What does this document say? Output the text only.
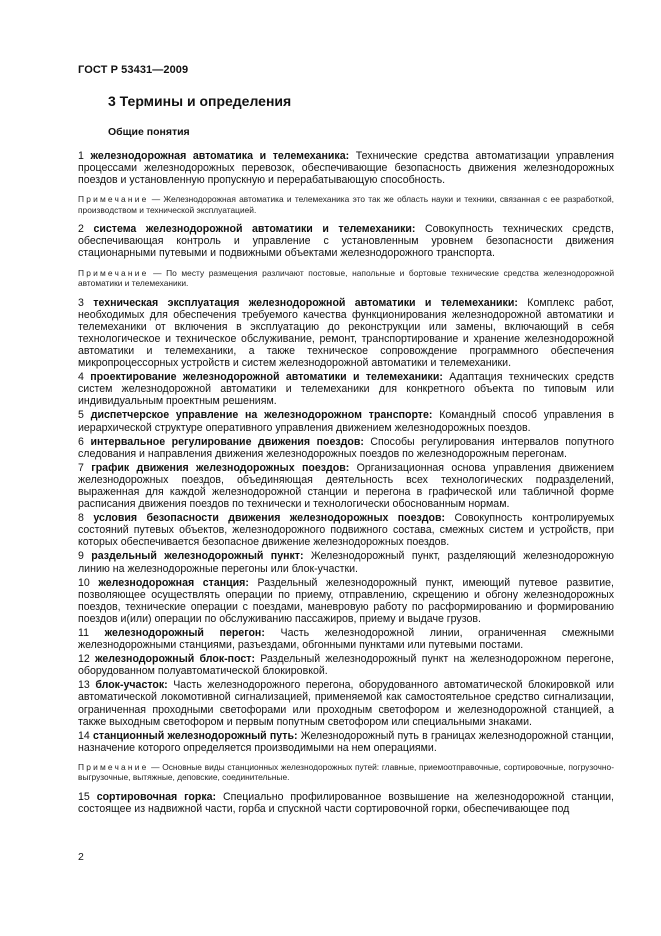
ГОСТ Р 53431—2009
3 Термины и определения
Общие понятия

1 железнодорожная автоматика и телемеханика: Технические средства автоматизации управления процессами железнодорожных перевозок, обеспечивающие безопасность движения железнодорожных поездов и установленную пропускную и перерабатывающую способность.

Примечание — Железнодорожная автоматика и телемеханика это так же область науки и техники, связанная с ее разработкой, производством и технической эксплуатацией.

2 система железнодорожной автоматики и телемеханики: Совокупность технических средств, обеспечивающая контроль и управление с установленным уровнем безопасности движения стационарными путевыми и подвижными объектами железнодорожного транспорта.

Примечание — По месту размещения различают постовые, напольные и бортовые технические средства железнодорожной автоматики и телемеханики.

3 техническая эксплуатация железнодорожной автоматики и телемеханики: Комплекс работ, необходимых для обеспечения требуемого качества функционирования железнодорожной автоматики и телемеханики от включения в эксплуатацию до реконструкции или замены, включающий в себя технологическое и техническое обслуживание, ремонт, транспортирование и хранение железнодорожной автоматики и телемеханики, а также техническое сопровождение программного обеспечения микропроцессорных устройств и систем железнодорожной автоматики и телемеханики.

4 проектирование железнодорожной автоматики и телемеханики: Адаптация технических средств систем железнодорожной автоматики и телемеханики для конкретного объекта по типовым или индивидуальным проектным решениям.

5 диспетчерское управление на железнодорожном транспорте: Командный способ управления в иерархической структуре оперативного управления движением железнодорожных поездов.

6 интервальное регулирование движения поездов: Способы регулирования интервалов попутного следования и направления движения железнодорожных поездов по железнодорожным перегонам.

7 график движения железнодорожных поездов: Организационная основа управления движением железнодорожных поездов, объединяющая деятельность всех технологических подразделений, выраженная для каждой железнодорожной станции и перегона в графической или табличной форме расписания движения поездов по технически и технологически обоснованным нормам.

8 условия безопасности движения железнодорожных поездов: Совокупность контролируемых состояний путевых объектов, железнодорожного подвижного состава, смежных систем и устройств, при которых обеспечивается безопасное движение железнодорожных поездов.

9 раздельный железнодорожный пункт: Железнодорожный пункт, разделяющий железнодорожную линию на железнодорожные перегоны или блок-участки.

10 железнодорожная станция: Раздельный железнодорожный пункт, имеющий путевое развитие, позволяющее осуществлять операции по приему, отправлению, скрещению и обгону железнодорожных поездов, технические операции с поездами, маневровую работу по расформированию и формированию поездов и(или) операции по обслуживанию пассажиров, приему и выдаче грузов.

11 железнодорожный перегон: Часть железнодорожной линии, ограниченная смежными железнодорожными станциями, разъездами, обгонными пунктами или путевыми постами.

12 железнодорожный блок-пост: Раздельный железнодорожный пункт на железнодорожном перегоне, оборудованном полуавтоматической блокировкой.

13 блок-участок: Часть железнодорожного перегона, оборудованного автоматической блокировкой или автоматической локомотивной сигнализацией, применяемой как самостоятельное средство сигнализации, ограниченная проходными светофорами или проходным светофором и железнодорожной станцией, а также выходным светофором и первым попутным светофором или специальными знаками.

14 станционный железнодорожный путь: Железнодорожный путь в границах железнодорожной станции, назначение которого определяется производимыми на нем операциями.

Примечание — Основные виды станционных железнодорожных путей: главные, приемоотправочные, сортировочные, погрузочно-выгрузочные, вытяжные, деповские, соединительные.

15 сортировочная горка: Специально профилированное возвышение на железнодорожной станции, состоящее из надвижной части, горба и спускной части сортировочной горки, обеспечивающее под

2
